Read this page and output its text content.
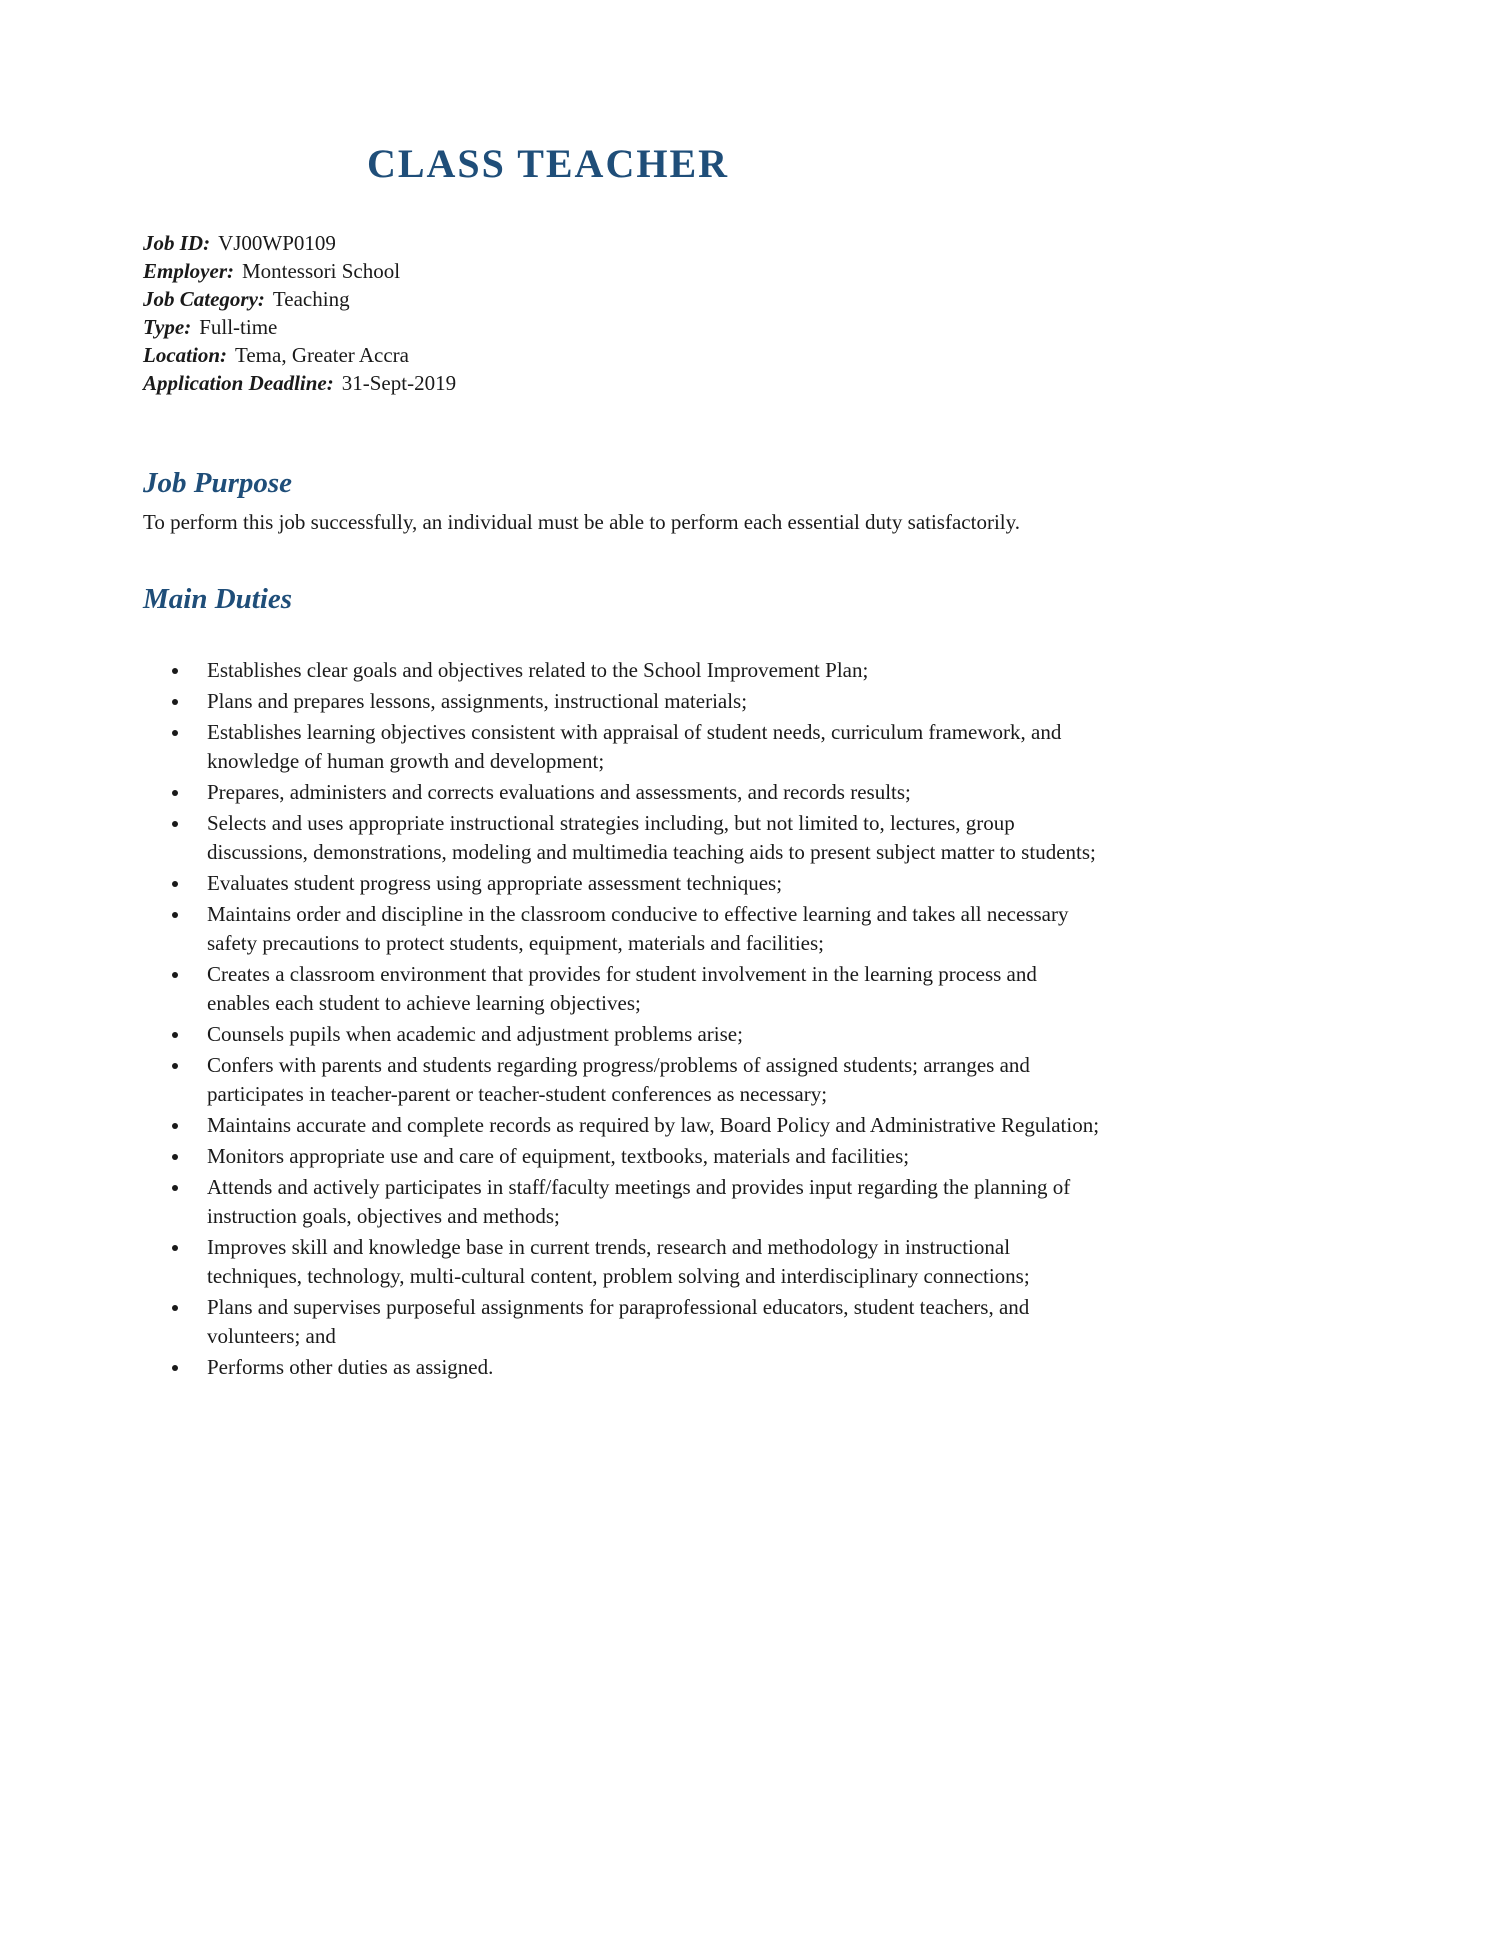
CLASS TEACHER
Job ID: VJ00WP0109
Employer: Montessori School
Job Category: Teaching
Type: Full-time
Location: Tema, Greater Accra
Application Deadline: 31-Sept-2019
Job Purpose

To perform this job successfully, an individual must be able to perform each essential duty satisfactorily.

Main Duties
• Establishes clear goals and objectives related to the School Improvement Plan;
• Plans and prepares lessons, assignments, instructional materials;
• Establishes learning objectives consistent with appraisal of student needs, curriculum framework, and knowledge of human growth and development;
• Prepares, administers and corrects evaluations and assessments, and records results;
• Selects and uses appropriate instructional strategies including, but not limited to, lectures, group discussions, demonstrations, modeling and multimedia teaching aids to present subject matter to students;
• Evaluates student progress using appropriate assessment techniques;
• Maintains order and discipline in the classroom conducive to effective learning and takes all necessary safety precautions to protect students, equipment, materials and facilities;
• Creates a classroom environment that provides for student involvement in the learning process and enables each student to achieve learning objectives;
• Counsels pupils when academic and adjustment problems arise;
• Confers with parents and students regarding progress/problems of assigned students; arranges and participates in teacher-parent or teacher-student conferences as necessary;
• Maintains accurate and complete records as required by law, Board Policy and Administrative Regulation;
• Monitors appropriate use and care of equipment, textbooks, materials and facilities;
• Attends and actively participates in staff/faculty meetings and provides input regarding the planning of instruction goals, objectives and methods;
• Improves skill and knowledge base in current trends, research and methodology in instructional techniques, technology, multi-cultural content, problem solving and interdisciplinary connections;
• Plans and supervises purposeful assignments for paraprofessional educators, student teachers, and volunteers; and
• Performs other duties as assigned.
